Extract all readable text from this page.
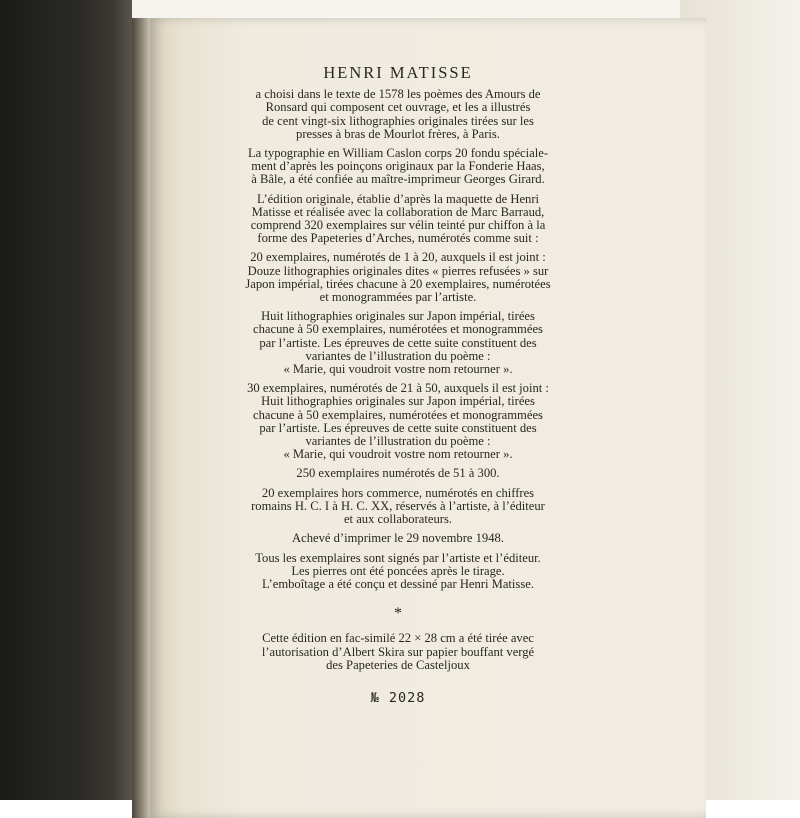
HENRI MATISSE
a choisi dans le texte de 1578 les poèmes des Amours de
Ronsard qui composent cet ouvrage, et les a illustrés
de cent vingt-six lithographies originales tirées sur les
presses à bras de Mourlot frères, à Paris.
La typographie en William Caslon corps 20 fondu spéciale-
ment d’après les poinçons originaux par la Fonderie Haas,
à Bâle, a été confiée au maître-imprimeur Georges Girard.
L’édition originale, établie d’après la maquette de Henri
Matisse et réalisée avec la collaboration de Marc Barraud,
comprend 320 exemplaires sur vélin teinté pur chiffon à la
forme des Papeteries d’Arches, numérotés comme suit :
20 exemplaires, numérotés de 1 à 20, auxquels il est joint :
Douze lithographies originales dites « pierres refusées » sur
Japon impérial, tirées chacune à 20 exemplaires, numérotées
et monogrammées par l’artiste.
Huit lithographies originales sur Japon impérial, tirées
chacune à 50 exemplaires, numérotées et monogrammées
par l’artiste. Les épreuves de cette suite constituent des
variantes de l’illustration du poème :
« Marie, qui voudroit vostre nom retourner ».
30 exemplaires, numérotés de 21 à 50, auxquels il est joint :
Huit lithographies originales sur Japon impérial, tirées
chacune à 50 exemplaires, numérotées et monogrammées
par l’artiste. Les épreuves de cette suite constituent des
variantes de l’illustration du poème :
« Marie, qui voudroit vostre nom retourner ».
250 exemplaires numérotés de 51 à 300.
20 exemplaires hors commerce, numérotés en chiffres
romains H. C. I à H. C. XX, réservés à l’artiste, à l’éditeur
et aux collaborateurs.
Achevé d’imprimer le 29 novembre 1948.
Tous les exemplaires sont signés par l’artiste et l’éditeur.
Les pierres ont été poncées après le tirage.
L’emboîtage a été conçu et dessiné par Henri Matisse.
*
Cette édition en fac-similé 22 × 28 cm a été tirée avec
l’autorisation d’Albert Skira sur papier bouffant vergé
des Papeteries de Casteljoux
№ 2028
